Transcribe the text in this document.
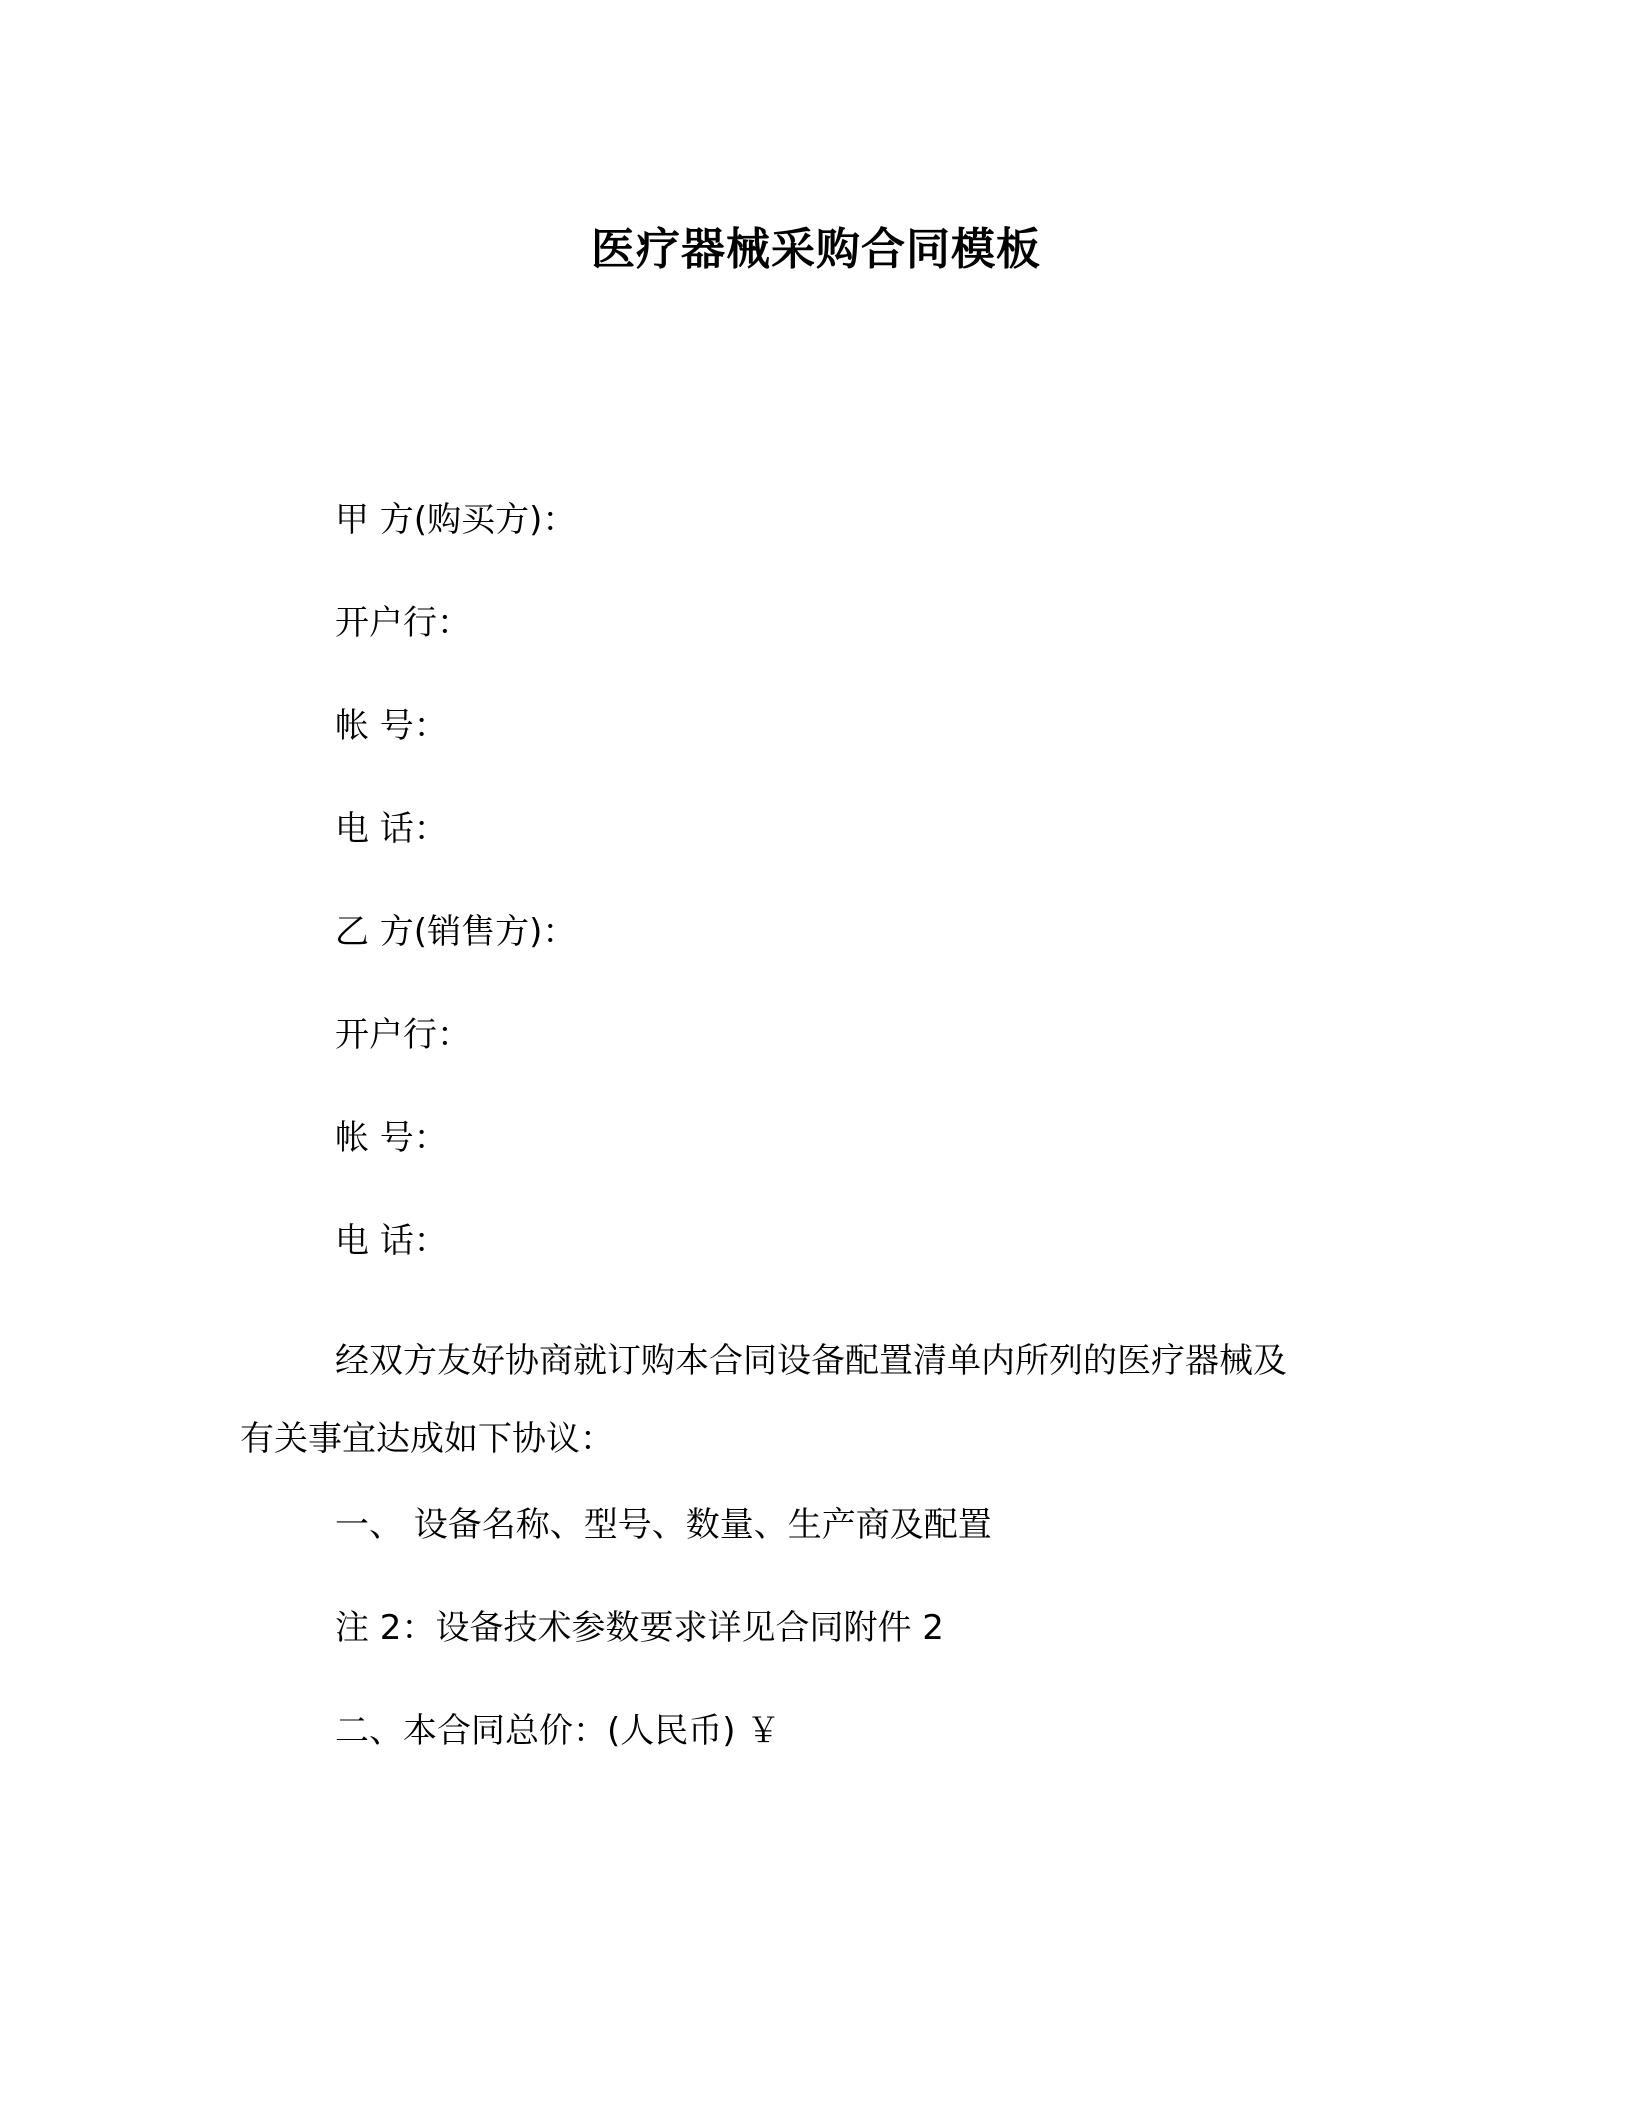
医疗器械采购合同模板
甲 方(购买方)：
开户行：
帐 号：
电 话：
乙 方(销售方)：
开户行：
帐 号：
电 话：
经双方友好协商就订购本合同设备配置清单内所列的医疗器械及
有关事宜达成如下协议：
一、 设备名称、型号、数量、生产商及配置
注 2：设备技术参数要求详见合同附件 2
二、本合同总价：(人民币) ￥
